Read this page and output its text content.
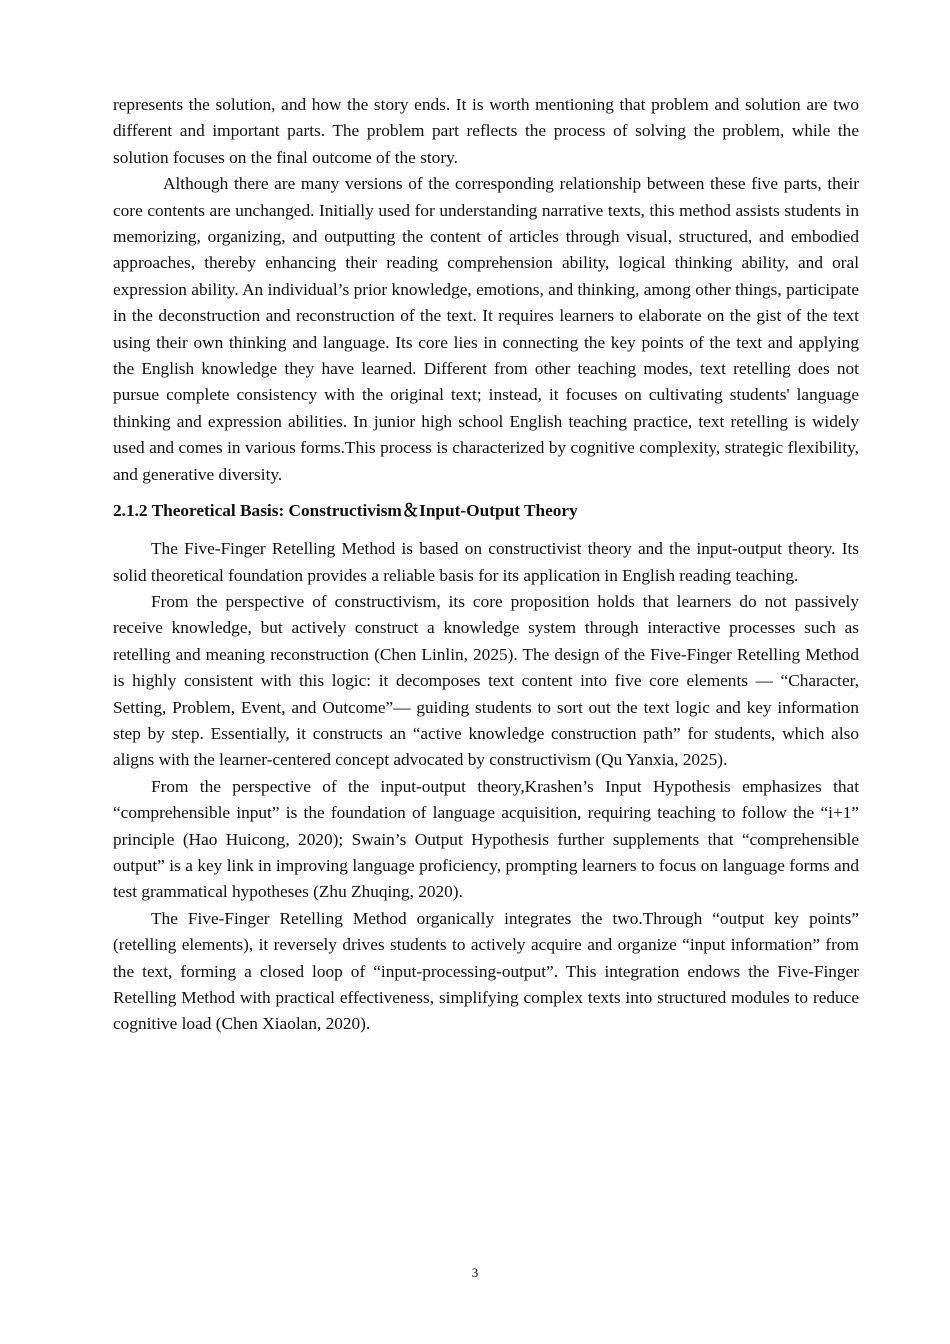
represents the solution, and how the story ends. It is worth mentioning that problem and solution are two different and important parts. The problem part reflects the process of solving the problem, while the solution focuses on the final outcome of the story.

Although there are many versions of the corresponding relationship between these five parts, their core contents are unchanged. Initially used for understanding narrative texts, this method assists students in memorizing, organizing, and outputting the content of articles through visual, structured, and embodied approaches, thereby enhancing their reading comprehension ability, logical thinking ability, and oral expression ability. An individual’s prior knowledge, emotions, and thinking, among other things, participate in the deconstruction and reconstruction of the text. It requires learners to elaborate on the gist of the text using their own thinking and language. Its core lies in connecting the key points of the text and applying the English knowledge they have learned. Different from other teaching modes, text retelling does not pursue complete consistency with the original text; instead, it focuses on cultivating students' language thinking and expression abilities. In junior high school English teaching practice, text retelling is widely used and comes in various forms.This process is characterized by cognitive complexity, strategic flexibility, and generative diversity.

2.1.2 Theoretical Basis: Constructivism＆Input-Output Theory

The Five-Finger Retelling Method is based on constructivist theory and the input-output theory. Its solid theoretical foundation provides a reliable basis for its application in English reading teaching.

From the perspective of constructivism, its core proposition holds that learners do not passively receive knowledge, but actively construct a knowledge system through interactive processes such as retelling and meaning reconstruction (Chen Linlin, 2025). The design of the Five-Finger Retelling Method is highly consistent with this logic: it decomposes text content into five core elements — “Character, Setting, Problem, Event, and Outcome”— guiding students to sort out the text logic and key information step by step. Essentially, it constructs an “active knowledge construction path” for students, which also aligns with the learner-centered concept advocated by constructivism (Qu Yanxia, 2025).

From the perspective of the input-output theory,Krashen’s Input Hypothesis emphasizes that “comprehensible input” is the foundation of language acquisition, requiring teaching to follow the “i+1” principle (Hao Huicong, 2020); Swain’s Output Hypothesis further supplements that “comprehensible output” is a key link in improving language proficiency, prompting learners to focus on language forms and test grammatical hypotheses (Zhu Zhuqing, 2020).

The Five-Finger Retelling Method organically integrates the two.Through “output key points” (retelling elements), it reversely drives students to actively acquire and organize “input information” from the text, forming a closed loop of “input-processing-output”. This integration endows the Five-Finger Retelling Method with practical effectiveness, simplifying complex texts into structured modules to reduce cognitive load (Chen Xiaolan, 2020).

3
